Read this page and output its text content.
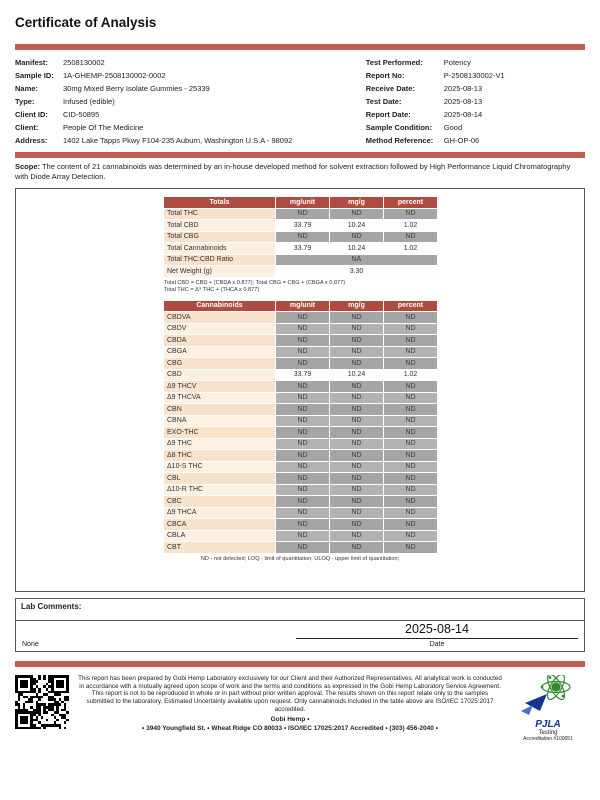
Certificate of Analysis
Manifest:	2508130002
Sample ID:	1A-GHEMP-2508130002-0002
Name:	30mg Mixed Berry Isolate Gummies - 25339
Type:	Infused (edible)
Client ID:	CID-50895
Client:	People Of The Medicine
Address:	1402 Lake Tapps Pkwy F104-235 Auburn, Washington U.S.A - 98092
Test Performed:	Potency
Report No:	P-2508130002-V1
Receive Date:	2025-08-13
Test Date:	2025-08-13
Report Date:	2025-08-14
Sample Condition:	Good
Method Reference:	GH-OP-06
Scope: The content of 21 cannabinoids was determined by an in-house developed method for solvent extraction followed by High Performance Liquid Chromatography with Diode Array Detection.
Totals	mg/unit	mg/g	percent
Total THC	ND	ND	ND
Total CBD	33.79	10.24	1.02
Total CBG	ND	ND	ND
Total Cannabinoids	33.79	10.24	1.02
Total THC:CBD Ratio	NA		
Net Weight (g)	3.30		
Total CBD = CBD + (CBDA x 0.877); Total CBG = CBG + (CBGA x 0.877)
Total THC = Δ⁹ THC + (THCA x 0.877)
Cannabinoids	mg/unit	mg/g	percent
CBDVA	ND	ND	ND
CBDV	ND	ND	ND
CBDA	ND	ND	ND
CBGA	ND	ND	ND
CBG	ND	ND	ND
CBD	33.79	10.24	1.02
Δ9 THCV	ND	ND	ND
Δ9 THCVA	ND	ND	ND
CBN	ND	ND	ND
CBNA	ND	ND	ND
EXO-THC	ND	ND	ND
Δ9 THC	ND	ND	ND
Δ8 THC	ND	ND	ND
Δ10-S THC	ND	ND	ND
CBL	ND	ND	ND
Δ10-R THC	ND	ND	ND
CBC	ND	ND	ND
Δ9 THCA	ND	ND	ND
CBCA	ND	ND	ND
CBLA	ND	ND	ND
CBT	ND	ND	ND
ND - not detected; LOQ - limit of quantitation; ULOQ - upper limit of quantitation;
Lab Comments:
None
2025-08-14
Date
This report has been prepared by Gobi Hemp Laboratory exclusively for our Client and their Authorized Representatives. All analytical work is conducted in accordance with a mutually agreed upon scope of work and the terms and conditions as expressed in the Gobi Hemp Laboratory Service Agreement. This report is not to be reproduced in whole or in part without prior written approval. The results shown on this report relate only to the samples submitted to the laboratory. Estimated Uncertainty available upon request. Only cannabinoids included in the table above are ISO/IEC 17025:2017 accredited.
Gobi Hemp •
• 3940 Youngfield St. • Wheat Ridge CO 80033 • ISO/IEC 17025:2017 Accredited • (303) 456-2040 •	PJLA
Testing
Accreditation #100051
